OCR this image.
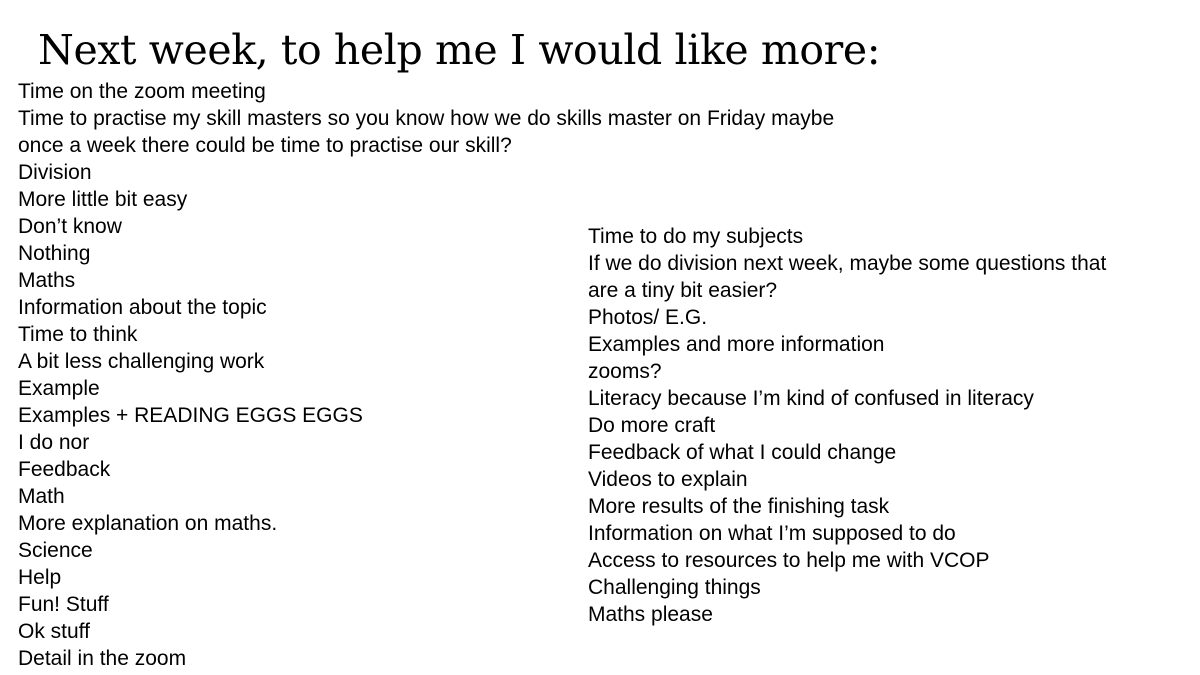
Next week, to help me I would like more:
Time on the zoom meeting
Time to practise my skill masters so you know how we do skills master on Friday maybe
once a week there could be time to practise our skill?
Division
More little bit easy
Don’t know
Nothing
Maths
Information about the topic
Time to think
A bit less challenging work
Example
Examples + READING EGGS EGGS
I do nor
Feedback
Math
More explanation on maths.
Science
Help
Fun! Stuff
Ok stuff
Detail in the zoom
Time to do my subjects
If we do division next week, maybe some questions that
are a tiny bit easier?
Photos/ E.G.
Examples and more information
zooms?
Literacy because I’m kind of confused in literacy
Do more craft
Feedback of what I could change
Videos to explain
More results of the finishing task
Information on what I’m supposed to do
Access to resources to help me with VCOP
Challenging things
Maths please
